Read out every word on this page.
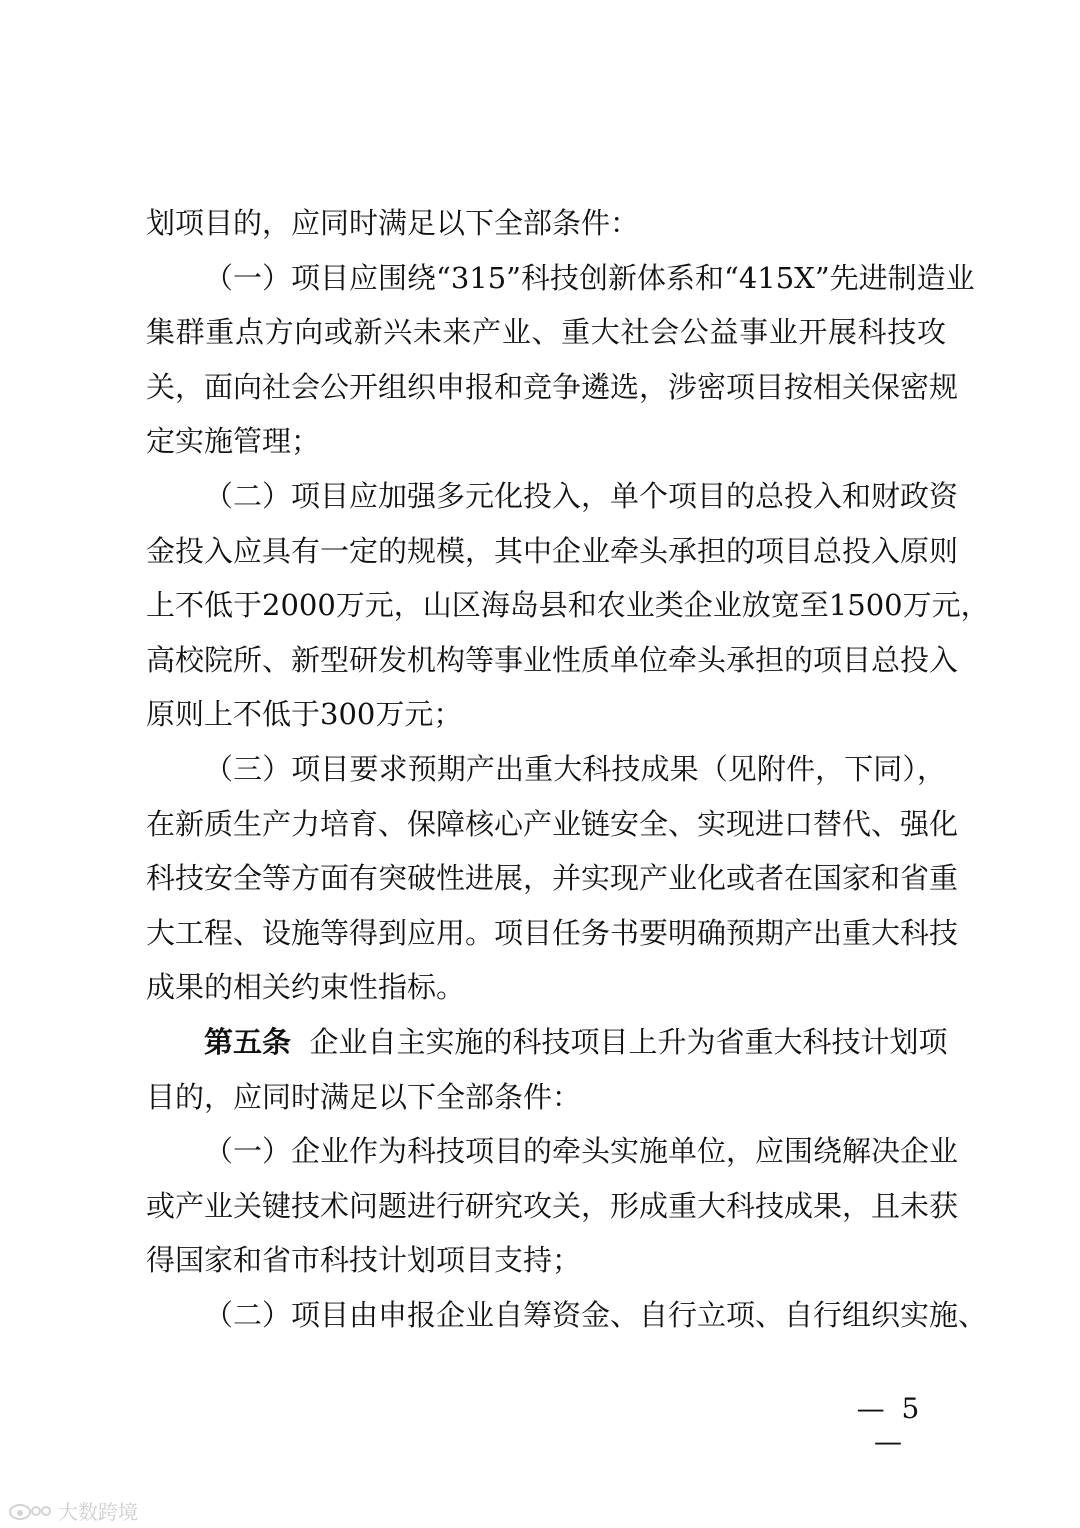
划项目的，应同时满足以下全部条件：
（一）项目应围绕“315”科技创新体系和“415X”先进制造业
集群重点方向或新兴未来产业、重大社会公益事业开展科技攻
关，面向社会公开组织申报和竞争遴选，涉密项目按相关保密规
定实施管理；
（二）项目应加强多元化投入，单个项目的总投入和财政资
金投入应具有一定的规模，其中企业牵头承担的项目总投入原则
上不低于2000万元，山区海岛县和农业类企业放宽至1500万元，
高校院所、新型研发机构等事业性质单位牵头承担的项目总投入
原则上不低于300万元；
（三）项目要求预期产出重大科技成果（见附件，下同），
在新质生产力培育、保障核心产业链安全、实现进口替代、强化
科技安全等方面有突破性进展，并实现产业化或者在国家和省重
大工程、设施等得到应用。项目任务书要明确预期产出重大科技
成果的相关约束性指标。
第五条 企业自主实施的科技项目上升为省重大科技计划项
目的，应同时满足以下全部条件：
（一）企业作为科技项目的牵头实施单位，应围绕解决企业
或产业关键技术问题进行研究攻关，形成重大科技成果，且未获
得国家和省市科技计划项目支持；
（二）项目由申报企业自筹资金、自行立项、自行组织实施、
— 5 —
大数跨境
